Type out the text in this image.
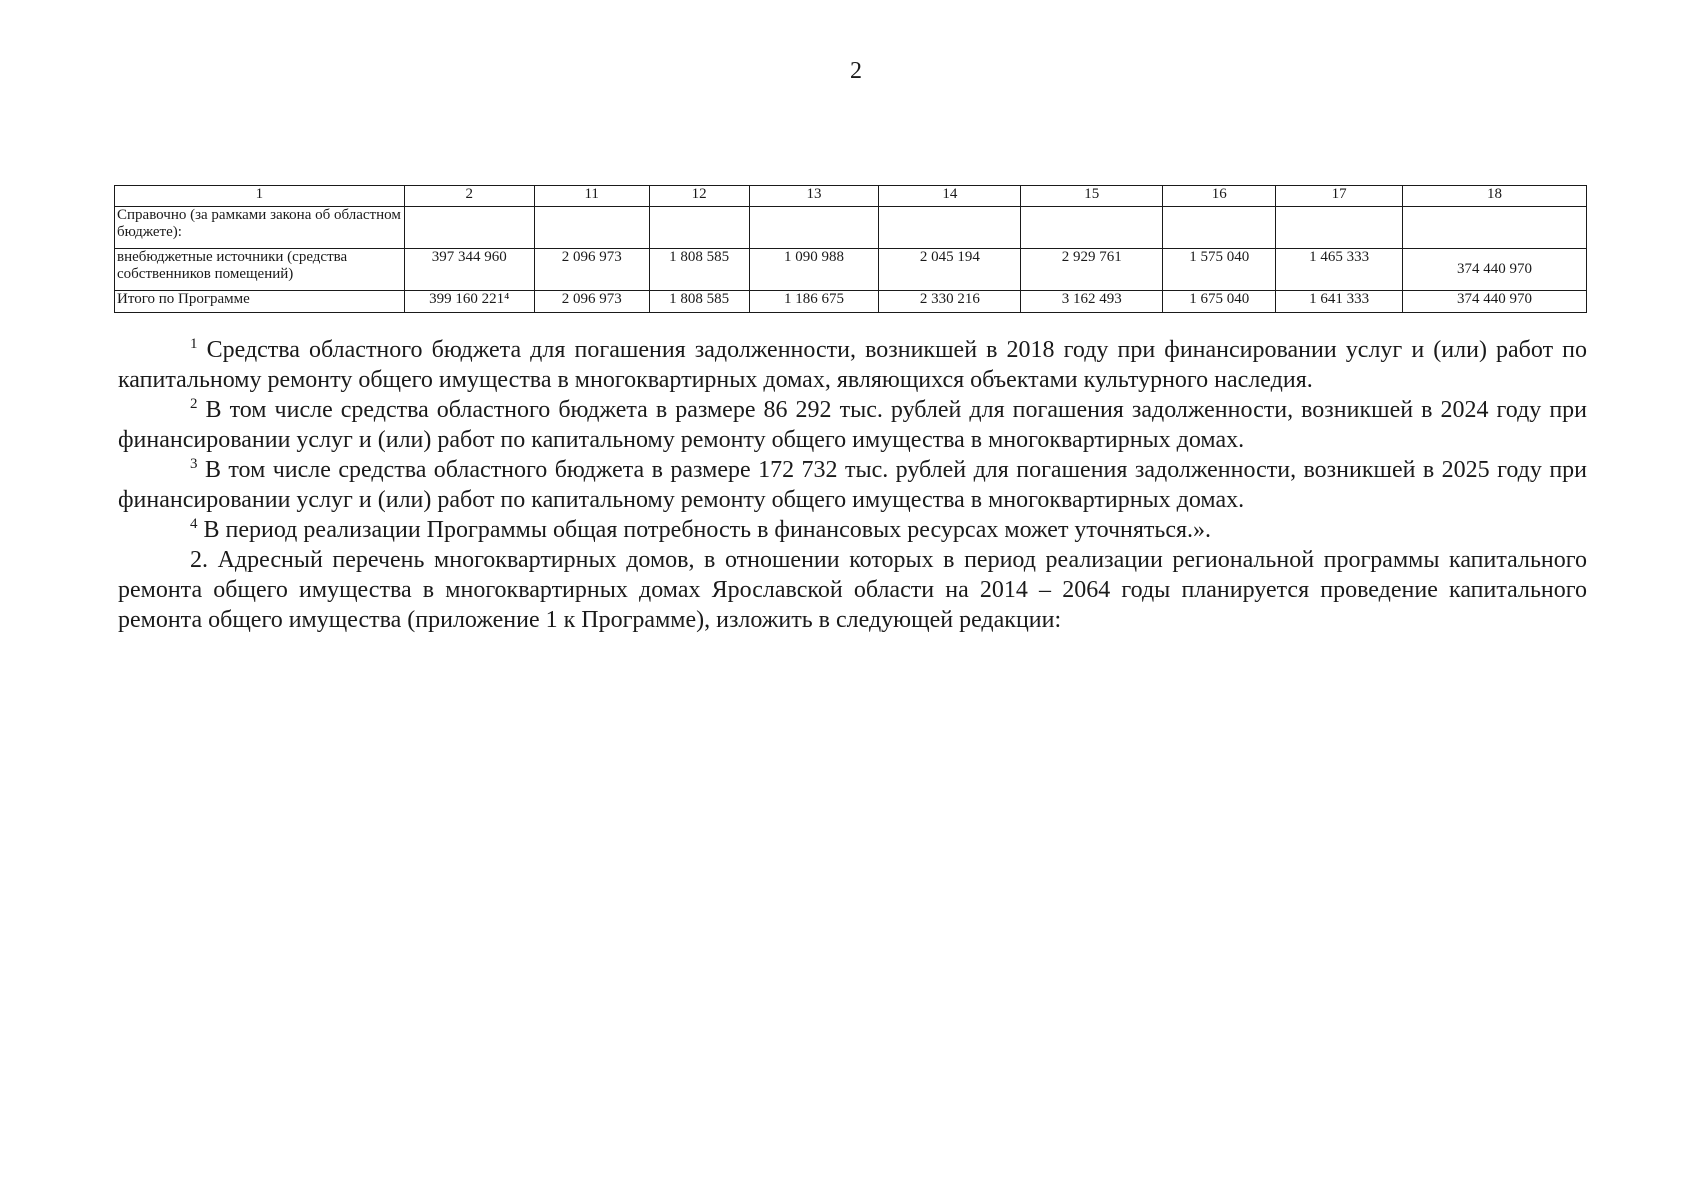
2
1	2	11	12	13	14	15	16	17	18
Справочно (за рамками закона об областном бюджете):									
внебюджетные источники (средства собственников помещений)	397 344 960	2 096 973	1 808 585	1 090 988	2 045 194	2 929 761	1 575 040	1 465 333	374 440 970
Итого по Программе	399 160 221⁴	2 096 973	1 808 585	1 186 675	2 330 216	3 162 493	1 675 040	1 641 333	374 440 970

$^1$ Средства областного бюджета для погашения задолженности, возникшей в 2018 году при финансировании услуг и (или) работ по капитальному ремонту общего имущества в многоквартирных домах, являющихся объектами культурного наследия.

$^2$ В том числе средства областного бюджета в размере 86 292 тыс. рублей для погашения задолженности, возникшей в 2024 году при финансировании услуг и (или) работ по капитальному ремонту общего имущества в многоквартирных домах.

$^3$ В том числе средства областного бюджета в размере 172 732 тыс. рублей для погашения задолженности, возникшей в 2025 году при финансировании услуг и (или) работ по капитальному ремонту общего имущества в многоквартирных домах.

$^4$ В период реализации Программы общая потребность в финансовых ресурсах может уточняться.».

2. Адресный перечень многоквартирных домов, в отношении которых в период реализации региональной программы капитального ремонта общего имущества в многоквартирных домах Ярославской области на 2014 – 2064 годы планируется проведение капитального ремонта общего имущества (приложение 1 к Программе), изложить в следующей редакции:
